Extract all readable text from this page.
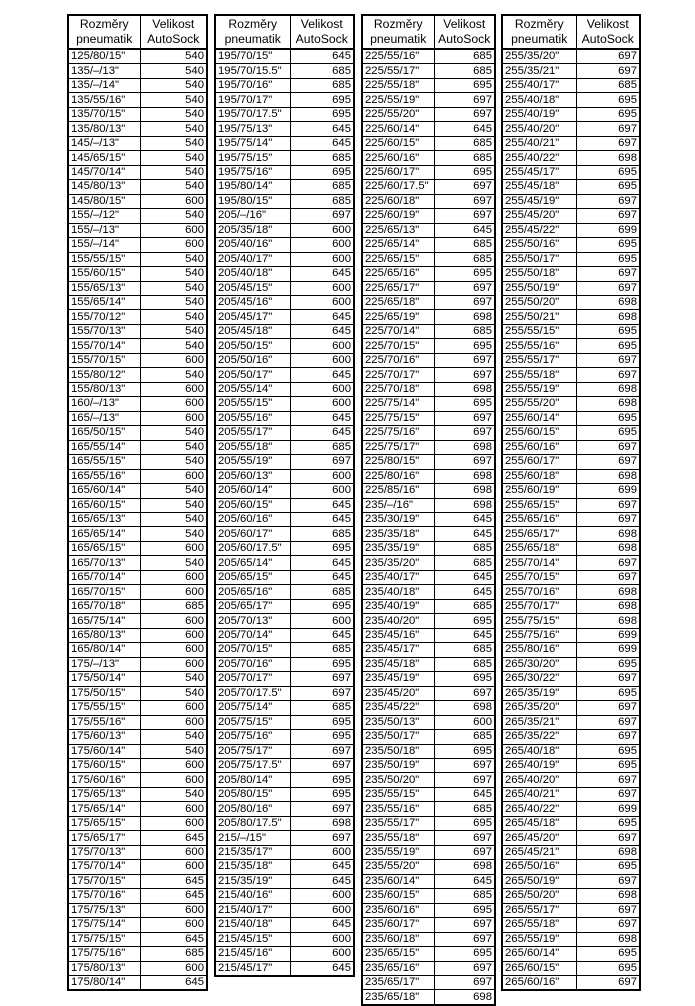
Rozměry pneumatik	Velikost AutoSock
125/80/15"	540
135/–/13"	540
135/–/14"	540
135/55/16"	540
135/70/15"	540
135/80/13"	540
145/–/13"	540
145/65/15"	540
145/70/14"	540
145/80/13"	540
145/80/15"	600
155/–/12"	540
155/–/13"	600
155/–/14"	600
155/55/15"	540
155/60/15"	540
155/65/13"	540
155/65/14"	540
155/70/12"	540
155/70/13"	540
155/70/14"	540
155/70/15"	600
155/80/12"	540
155/80/13"	600
160/–/13"	600
165/–/13"	600
165/50/15"	540
165/55/14"	540
165/55/15"	540
165/55/16"	600
165/60/14"	540
165/60/15"	540
165/65/13"	540
165/65/14"	540
165/65/15"	600
165/70/13"	540
165/70/14"	600
165/70/15"	600
165/70/18"	685
165/75/14"	600
165/80/13"	600
165/80/14"	600
175/–/13"	600
175/50/14"	540
175/50/15"	540
175/55/15"	600
175/55/16"	600
175/60/13"	540
175/60/14"	540
175/60/15"	600
175/60/16"	600
175/65/13"	540
175/65/14"	600
175/65/15"	600
175/65/17"	645
175/70/13"	600
175/70/14"	600
175/70/15"	645
175/70/16"	645
175/75/13"	600
175/75/14"	600
175/75/15"	645
175/75/16"	685
175/80/13"	600
175/80/14"	645
Rozměry pneumatik	Velikost AutoSock
195/70/15"	645
195/70/15.5"	685
195/70/16"	685
195/70/17"	695
195/70/17.5"	695
195/75/13"	645
195/75/14"	645
195/75/15"	685
195/75/16"	695
195/80/14"	685
195/80/15"	685
205/–/16"	697
205/35/18"	600
205/40/16"	600
205/40/17"	600
205/40/18"	645
205/45/15"	600
205/45/16"	600
205/45/17"	645
205/45/18"	645
205/50/15"	600
205/50/16"	600
205/50/17"	645
205/55/14"	600
205/55/15"	600
205/55/16"	645
205/55/17"	645
205/55/18"	685
205/55/19"	697
205/60/13"	600
205/60/14"	600
205/60/15"	645
205/60/16"	645
205/60/17"	685
205/60/17.5"	695
205/65/14"	645
205/65/15"	645
205/65/16"	685
205/65/17"	695
205/70/13"	600
205/70/14"	645
205/70/15"	685
205/70/16"	695
205/70/17"	697
205/70/17.5"	697
205/75/14"	685
205/75/15"	695
205/75/16"	695
205/75/17"	697
205/75/17.5"	697
205/80/14"	695
205/80/15"	695
205/80/16"	697
205/80/17.5"	698
215/–/15"	697
215/35/17"	600
215/35/18"	645
215/35/19"	645
215/40/16"	600
215/40/17"	600
215/40/18"	645
215/45/15"	600
215/45/16"	600
215/45/17"	645
Rozměry pneumatik	Velikost AutoSock
225/55/16"	685
225/55/17"	685
225/55/18"	695
225/55/19"	697
225/55/20"	697
225/60/14"	645
225/60/15"	685
225/60/16"	685
225/60/17"	695
225/60/17.5"	697
225/60/18"	697
225/60/19"	697
225/65/13"	645
225/65/14"	685
225/65/15"	685
225/65/16"	695
225/65/17"	697
225/65/18"	697
225/65/19"	698
225/70/14"	685
225/70/15"	695
225/70/16"	697
225/70/17"	697
225/70/18"	698
225/75/14"	695
225/75/15"	697
225/75/16"	697
225/75/17"	698
225/80/15"	697
225/80/16"	698
225/85/16"	698
235/–/16"	698
235/30/19"	645
235/35/18"	645
235/35/19"	685
235/35/20"	685
235/40/17"	645
235/40/18"	645
235/40/19"	685
235/40/20"	695
235/45/16"	645
235/45/17"	685
235/45/18"	685
235/45/19"	695
235/45/20"	697
235/45/22"	698
235/50/13"	600
235/50/17"	685
235/50/18"	695
235/50/19"	697
235/50/20"	697
235/55/15"	645
235/55/16"	685
235/55/17"	695
235/55/18"	697
235/55/19"	697
235/55/20"	698
235/60/14"	645
235/60/15"	685
235/60/16"	695
235/60/17"	697
235/60/18"	697
235/65/15"	695
235/65/16"	697
235/65/17"	697
235/65/18"	698
Rozměry pneumatik	Velikost AutoSock
255/35/20"	697
255/35/21"	697
255/40/17"	685
255/40/18"	695
255/40/19"	695
255/40/20"	697
255/40/21"	697
255/40/22"	698
255/45/17"	695
255/45/18"	695
255/45/19"	697
255/45/20"	697
255/45/22"	699
255/50/16"	695
255/50/17"	695
255/50/18"	697
255/50/19"	697
255/50/20"	698
255/50/21"	698
255/55/15"	695
255/55/16"	695
255/55/17"	697
255/55/18"	697
255/55/19"	698
255/55/20"	698
255/60/14"	695
255/60/15"	695
255/60/16"	697
255/60/17"	697
255/60/18"	698
255/60/19"	699
255/65/15"	697
255/65/16"	697
255/65/17"	698
255/65/18"	698
255/70/14"	697
255/70/15"	697
255/70/16"	698
255/70/17"	698
255/75/15"	698
255/75/16"	699
255/80/16"	699
265/30/20"	695
265/30/22"	697
265/35/19"	695
265/35/20"	697
265/35/21"	697
265/35/22"	697
265/40/18"	695
265/40/19"	695
265/40/20"	697
265/40/21"	697
265/40/22"	699
265/45/18"	695
265/45/20"	697
265/45/21"	698
265/50/16"	695
265/50/19"	697
265/50/20"	698
265/55/17"	697
265/55/18"	697
265/55/19"	698
265/60/14"	695
265/60/15"	695
265/60/16"	697
